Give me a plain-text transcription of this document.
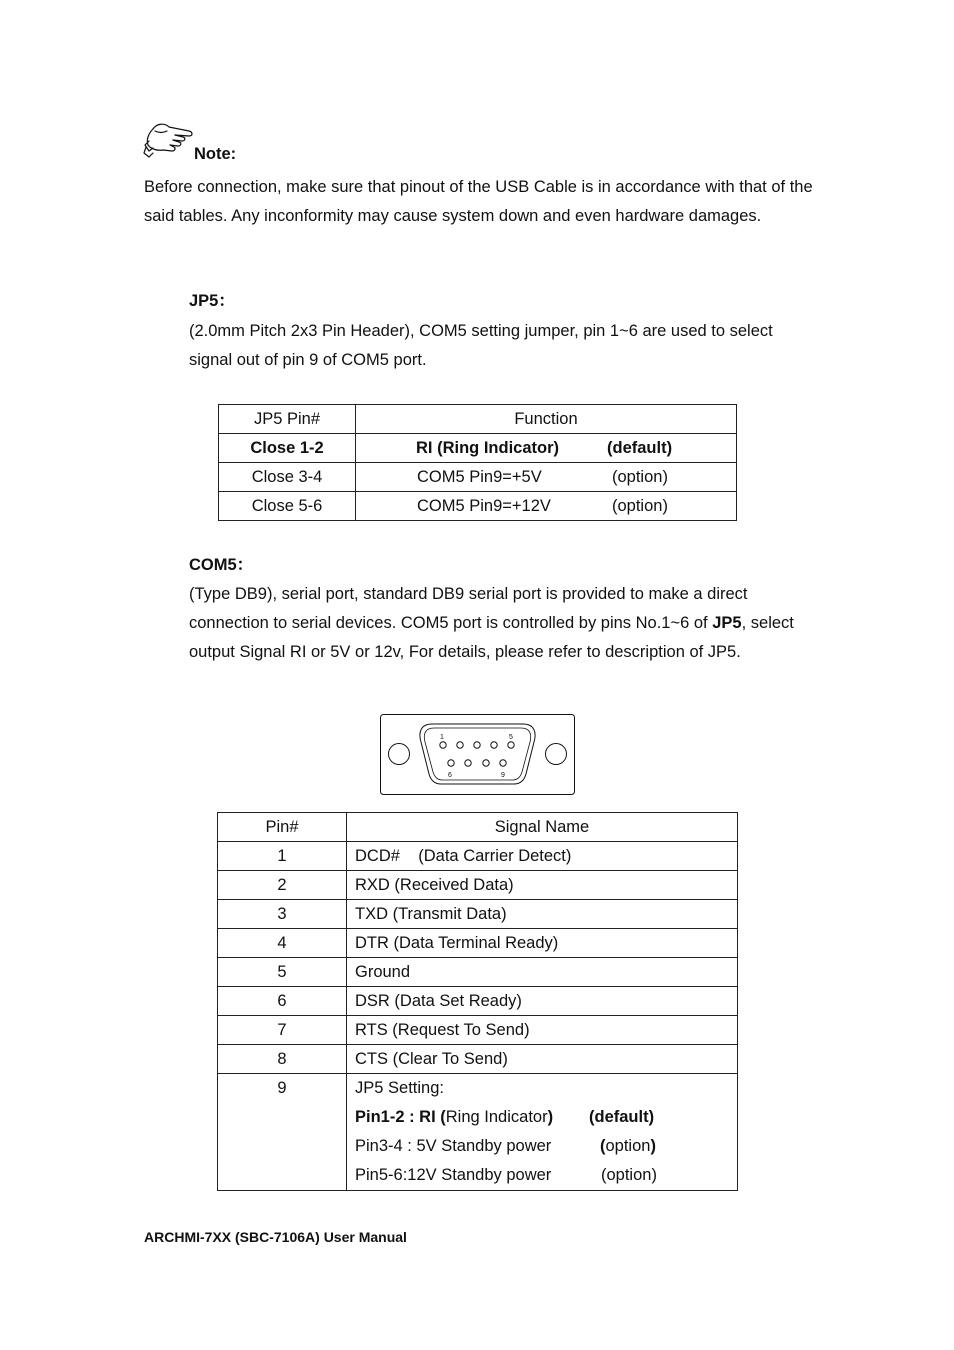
Note:
Before connection, make sure that pinout of the USB Cable is in accordance with that of the said tables. Any inconformity may cause system down and even hardware damages.
JP5：
(2.0mm Pitch 2x3 Pin Header), COM5 setting jumper, pin 1~6 are used to select signal out of pin 9 of COM5 port.
JP5 Pin#	Function
Close 1-2	RI (Ring Indicator) (default)
Close 3-4	COM5 Pin9=+5V (option)
Close 5-6	COM5 Pin9=+12V (option)
COM5：
(Type DB9), serial port, standard DB9 serial port is provided to make a direct connection to serial devices. COM5 port is controlled by pins No.1~6 of JP5, select output Signal RI or 5V or 12v, For details, please refer to description of JP5.
1	5
6	9
Pin#	Signal Name
1	DCD#    (Data Carrier Detect)
2	RXD (Received Data)
3	TXD (Transmit Data)
4	DTR (Data Terminal Ready)
5	Ground
6	DSR (Data Set Ready)
7	RTS (Request To Send)
8	CTS (Clear To Send)

9	JP5 Setting:
Pin1-2 : RI (Ring Indicator) (default)
Pin3-4 : 5V Standby power (option)
Pin5-6:12V Standby power (option)
ARCHMI-7XX (SBC-7106A) User Manual
